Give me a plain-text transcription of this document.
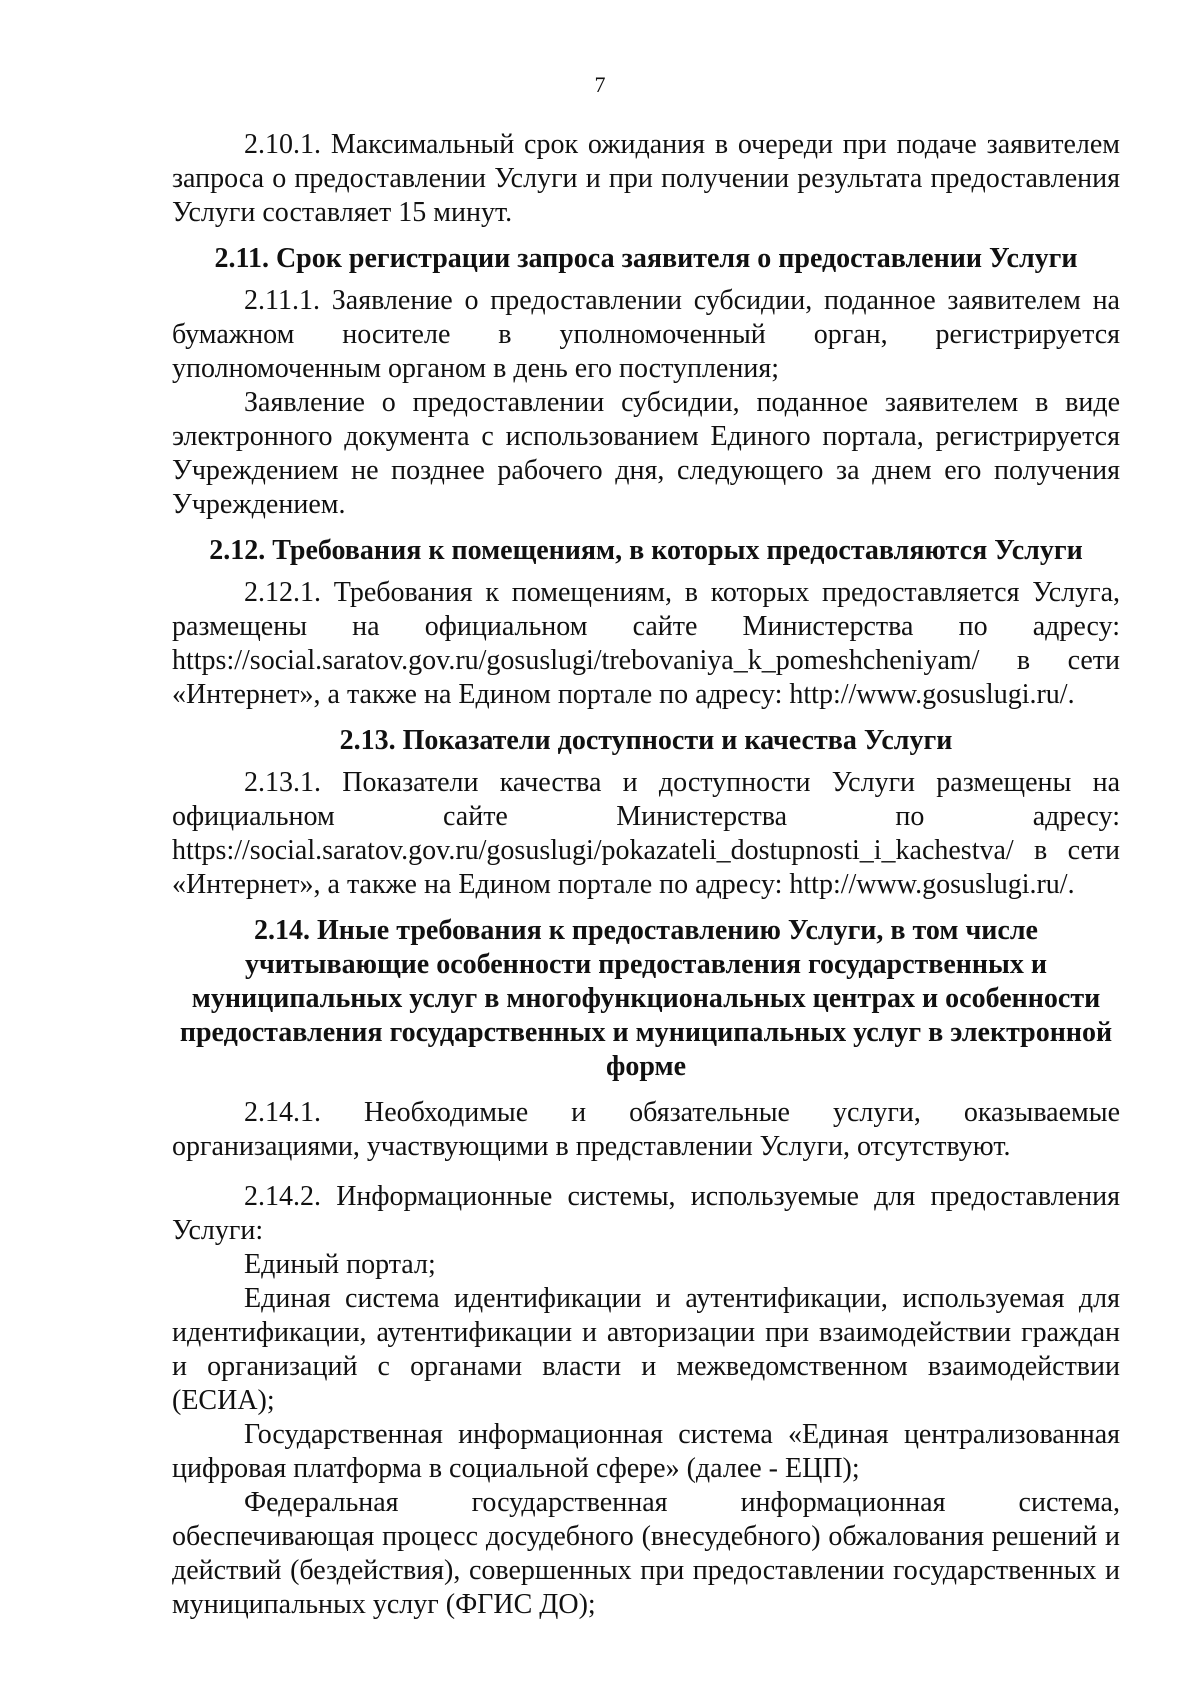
7

2.10.1. Максимальный срок ожидания в очереди при подаче заявителем запроса о предоставлении Услуги и при получении результата предоставления Услуги составляет 15 минут.

2.11. Срок регистрации запроса заявителя о предоставлении Услуги

2.11.1. Заявление о предоставлении субсидии, поданное заявителем на бумажном носителе в уполномоченный орган, регистрируется уполномоченным органом в день его поступления;

Заявление о предоставлении субсидии, поданное заявителем в виде электронного документа с использованием Единого портала, регистрируется Учреждением не позднее рабочего дня, следующего за днем его получения Учреждением.

2.12. Требования к помещениям, в которых предоставляются Услуги

2.12.1. Требования к помещениям, в которых предоставляется Услуга, размещены на официальном сайте Министерства по адресу: https://social.saratov.gov.ru/gosuslugi/trebovaniya_k_pomeshcheniyam/ в сети «Интернет», а также на Едином портале по адресу: http://www.gosuslugi.ru/.

2.13. Показатели доступности и качества Услуги

2.13.1. Показатели качества и доступности Услуги размещены на официальном сайте Министерства по адресу: https://social.saratov.gov.ru/gosuslugi/pokazateli_dostupnosti_i_kachestva/ в сети «Интернет», а также на Едином портале по адресу: http://www.gosuslugi.ru/.

2.14. Иные требования к предоставлению Услуги, в том числе учитывающие особенности предоставления государственных и муниципальных услуг в многофункциональных центрах и особенности предоставления государственных и муниципальных услуг в электронной форме

2.14.1. Необходимые и обязательные услуги, оказываемые организациями, участвующими в представлении Услуги, отсутствуют.

2.14.2. Информационные системы, используемые для предоставления Услуги:

Единый портал;

Единая система идентификации и аутентификации, используемая для идентификации, аутентификации и авторизации при взаимодействии граждан и организаций с органами власти и межведомственном взаимодействии (ЕСИА);

Государственная информационная система «Единая централизованная цифровая платформа в социальной сфере» (далее - ЕЦП);

Федеральная государственная информационная система, обеспечивающая процесс досудебного (внесудебного) обжалования решений и действий (бездействия), совершенных при предоставлении государственных и муниципальных услуг (ФГИС ДО);
